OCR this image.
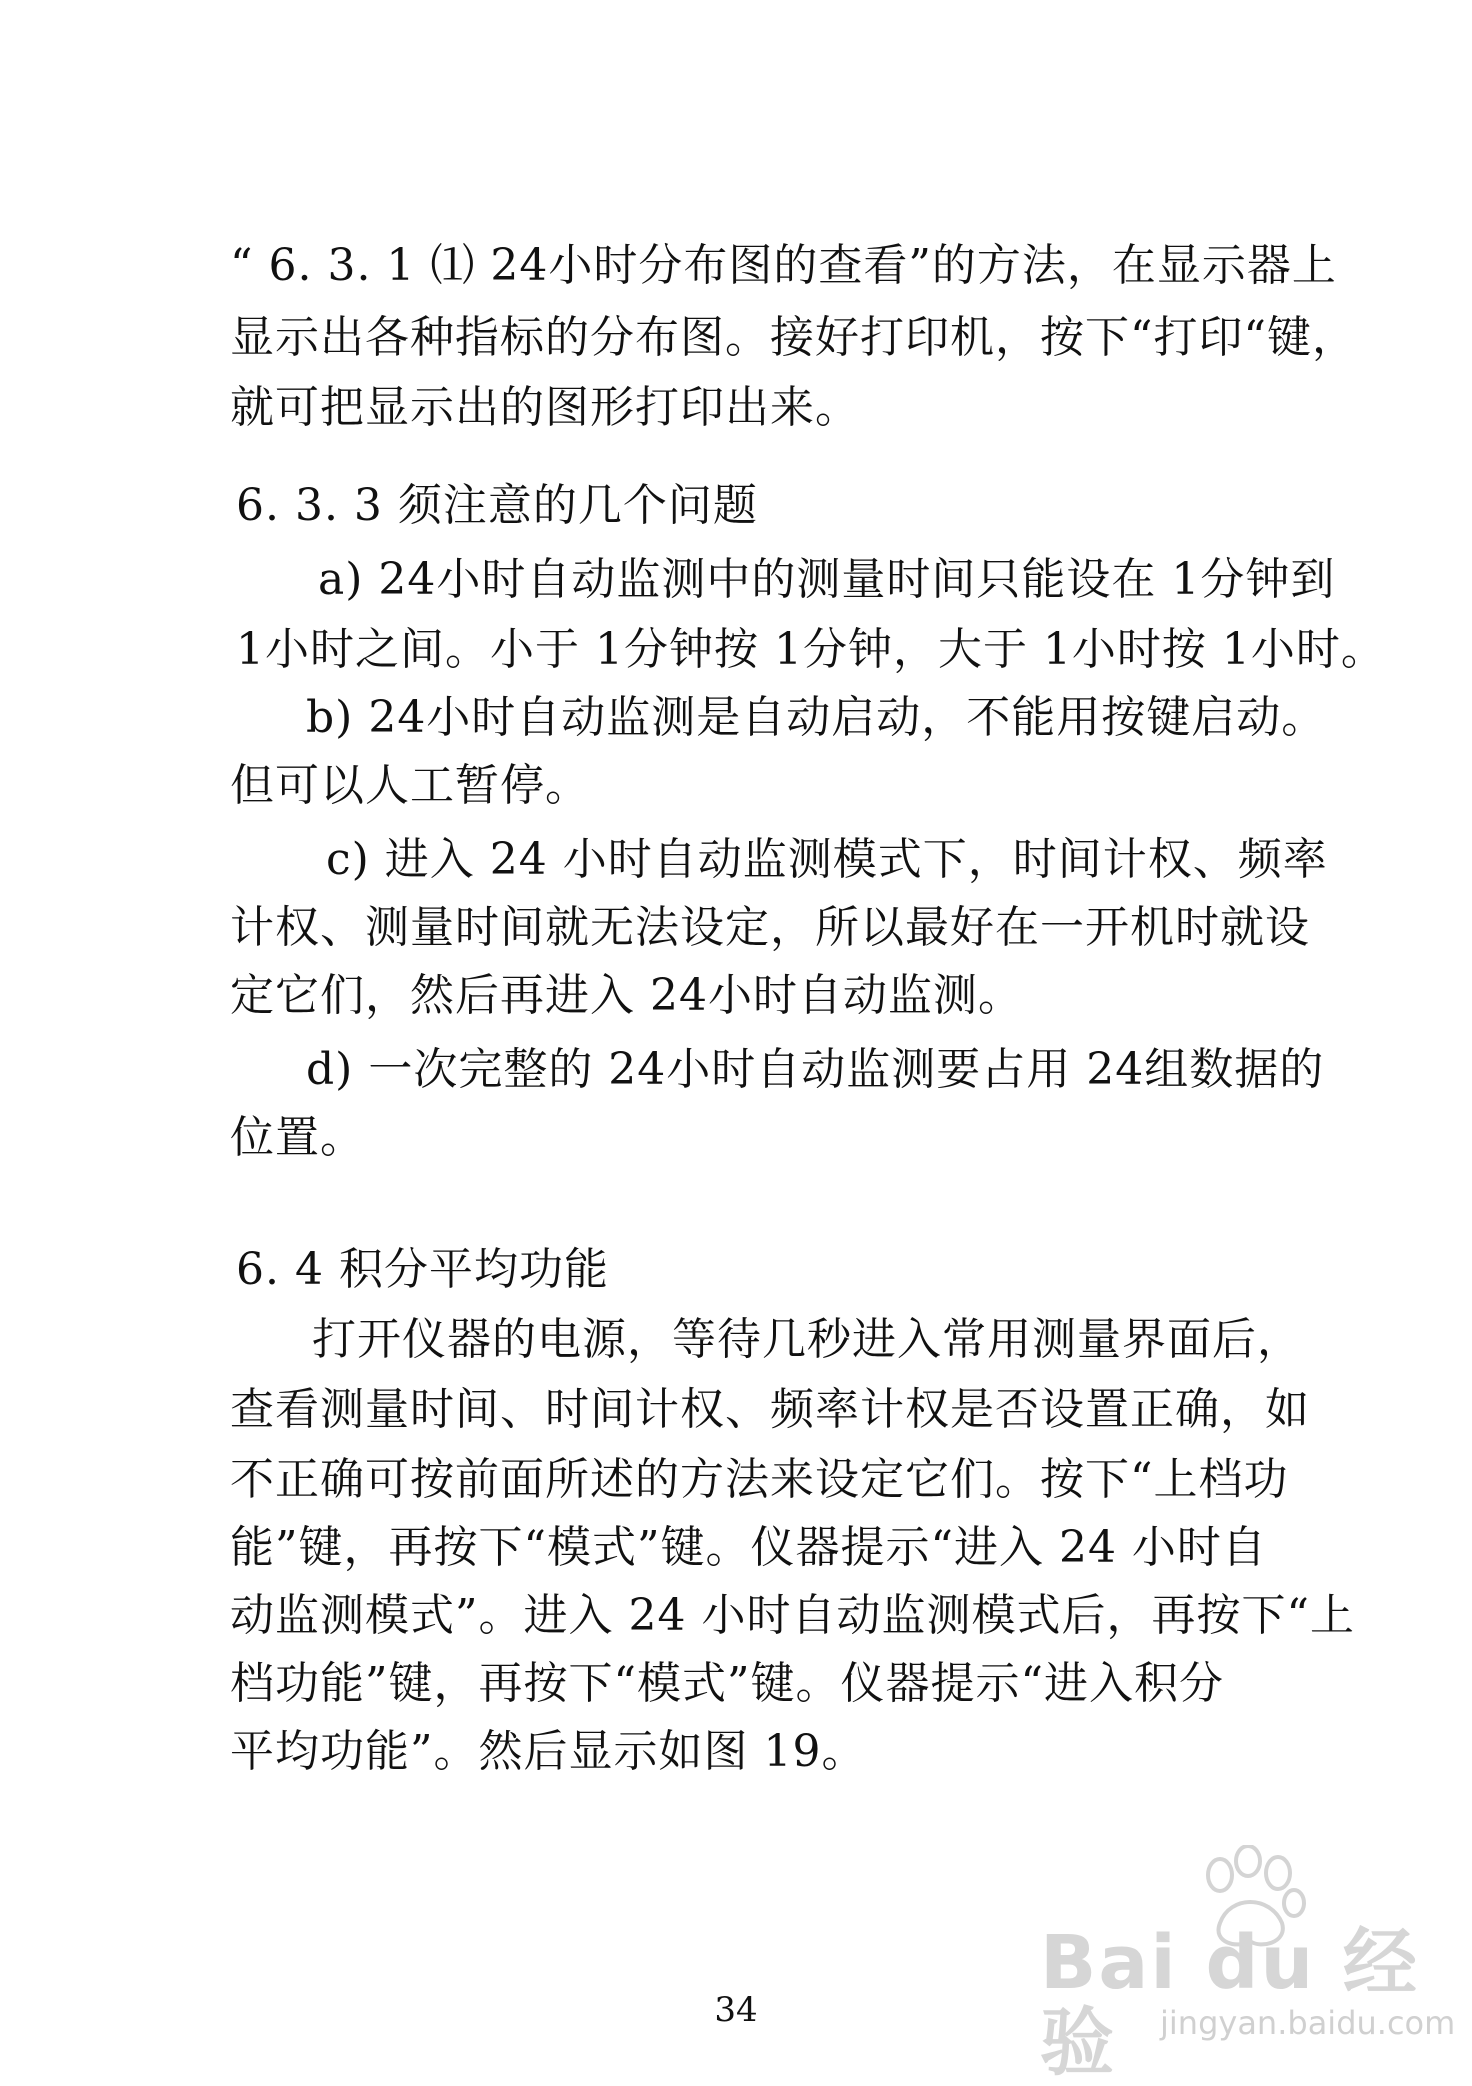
“ 6. 3. 1 ⑴ 24小时分布图的查看”的方法，在显示器上
显示出各种指标的分布图。接好打印机，按下“打印“键，
就可把显示出的图形打印出来。
6. 3. 3 须注意的几个问题
a) 24小时自动监测中的测量时间只能设在 1分钟到
1小时之间。小于 1分钟按 1分钟，大于 1小时按 1小时。
b) 24小时自动监测是自动启动，不能用按键启动。
但可以人工暂停。
c) 进入 24 小时自动监测模式下，时间计权、频率
计权、测量时间就无法设定，所以最好在一开机时就设
定它们，然后再进入 24小时自动监测。
d) 一次完整的 24小时自动监测要占用 24组数据的
位置。
6. 4 积分平均功能
打开仪器的电源，等待几秒进入常用测量界面后，
查看测量时间、时间计权、频率计权是否设置正确，如
不正确可按前面所述的方法来设定它们。按下“上档功
能”键，再按下“模式”键。仪器提示“进入 24 小时自
动监测模式”。进入 24 小时自动监测模式后，再按下“上
档功能”键，再按下“模式”键。仪器提示“进入积分
平均功能”。然后显示如图 19。
34
Bai du 经验	jingyan.baidu.com
